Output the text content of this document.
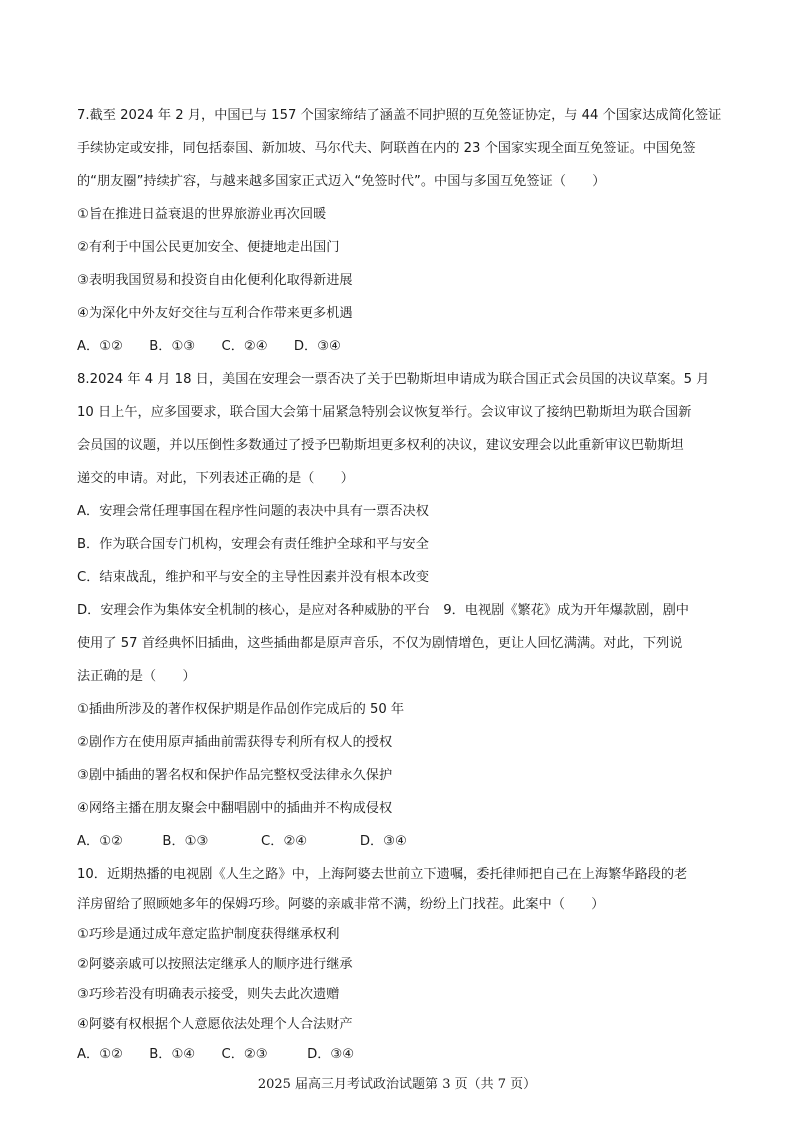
7.截至 2024 年 2 月，中国已与 157 个国家缔结了涵盖不同护照的互免签证协定，与 44 个国家达成简化签证
手续协定或安排，同包括泰国、新加坡、马尔代夫、阿联酋在内的 23 个国家实现全面互免签证。中国免签
的“朋友圈”持续扩容，与越来越多国家正式迈入“免签时代”。中国与多国互免签证（　　）
①旨在推进日益衰退的世界旅游业再次回暖
②有利于中国公民更加安全、便捷地走出国门
③表明我国贸易和投资自由化便利化取得新进展
④为深化中外友好交往与互利合作带来更多机遇
A．①②　　B．①③　　C．②④　　D．③④
8.2024 年 4 月 18 日，美国在安理会一票否决了关于巴勒斯坦申请成为联合国正式会员国的决议草案。5 月
10 日上午，应多国要求，联合国大会第十届紧急特别会议恢复举行。会议审议了接纳巴勒斯坦为联合国新
会员国的议题，并以压倒性多数通过了授予巴勒斯坦更多权利的决议，建议安理会以此重新审议巴勒斯坦
递交的申请。对此，下列表述正确的是（　　）
A．安理会常任理事国在程序性问题的表决中具有一票否决权
B．作为联合国专门机构，安理会有责任维护全球和平与安全
C．结束战乱，维护和平与安全的主导性因素并没有根本改变
D．安理会作为集体安全机制的核心，是应对各种威胁的平台　9．电视剧《繁花》成为开年爆款剧，剧中
使用了 57 首经典怀旧插曲，这些插曲都是原声音乐，不仅为剧情增色，更让人回忆满满。对此，下列说
法正确的是（　　）
①插曲所涉及的著作权保护期是作品创作完成后的 50 年
②剧作方在使用原声插曲前需获得专利所有权人的授权
③剧中插曲的署名权和保护作品完整权受法律永久保护
④网络主播在朋友聚会中翻唱剧中的插曲并不构成侵权
A．①②　　　B．①③　　　　C．②④　　　　D．③④
10．近期热播的电视剧《人生之路》中，上海阿婆去世前立下遗嘱，委托律师把自己在上海繁华路段的老
洋房留给了照顾她多年的保姆巧珍。阿婆的亲戚非常不满，纷纷上门找茬。此案中（　　）
①巧珍是通过成年意定监护制度获得继承权利
②阿婆亲戚可以按照法定继承人的顺序进行继承
③巧珍若没有明确表示接受，则失去此次遗赠
④阿婆有权根据个人意愿依法处理个人合法财产
A．①②　　B．①④　　C．②③　　　D．③④
2025 届高三月考试政治试题第 3 页（共 7 页）
